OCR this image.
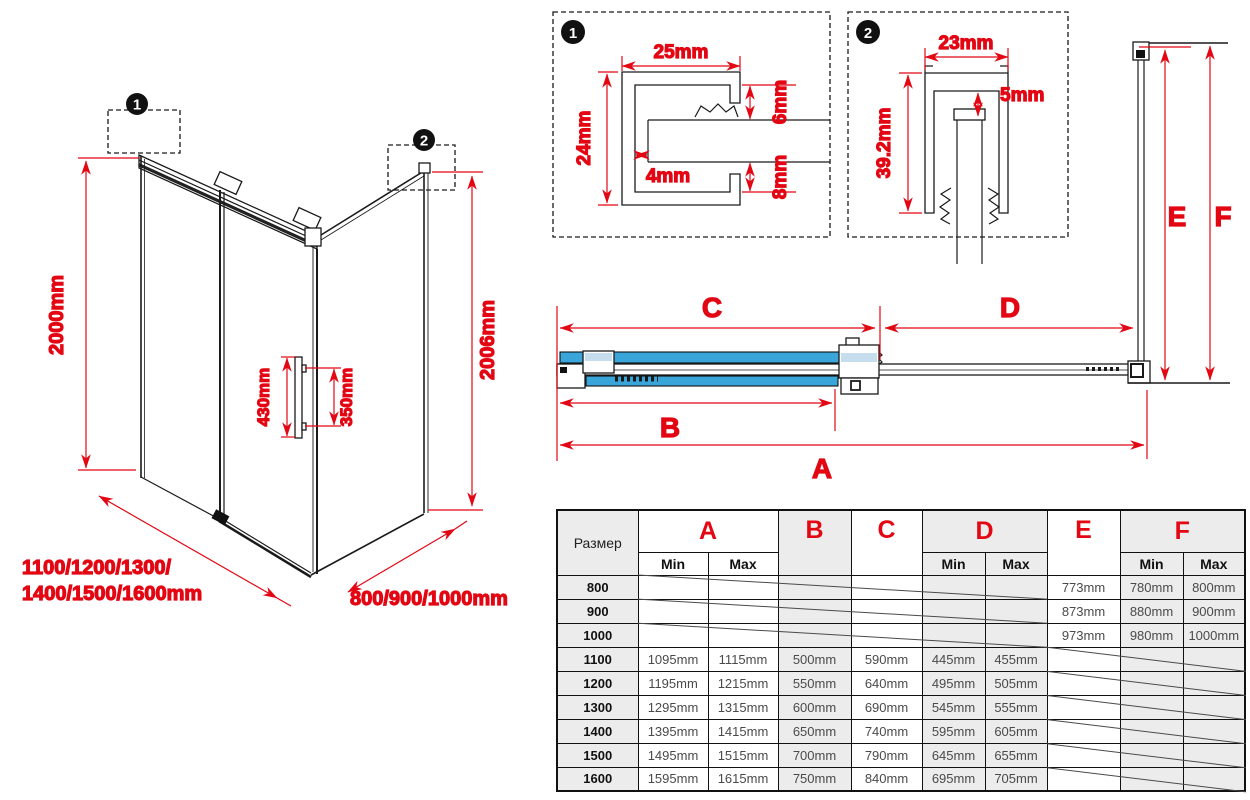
1
2
2000mm	2006mm
430mm	350mm
1100/1200/1300/
1400/1500/1600mm	800/900/1000mm
1
25mm
24mm
6mm
8mm
4mm
2	23mm
39.2mm
5mm
C	D
B
A
E F
Размер	A		B	C	D		E	F	
	Min	Max			Min	Max		Min	Max
800							773mm	780mm	800mm
900							873mm	880mm	900mm
1000							973mm	980mm	1000mm
1100	1095mm	1115mm	500mm	590mm	445mm	455mm			
1200	1195mm	1215mm	550mm	640mm	495mm	505mm			
1300	1295mm	1315mm	600mm	690mm	545mm	555mm			
1400	1395mm	1415mm	650mm	740mm	595mm	605mm			
1500	1495mm	1515mm	700mm	790mm	645mm	655mm			
1600	1595mm	1615mm	750mm	840mm	695mm	705mm			
